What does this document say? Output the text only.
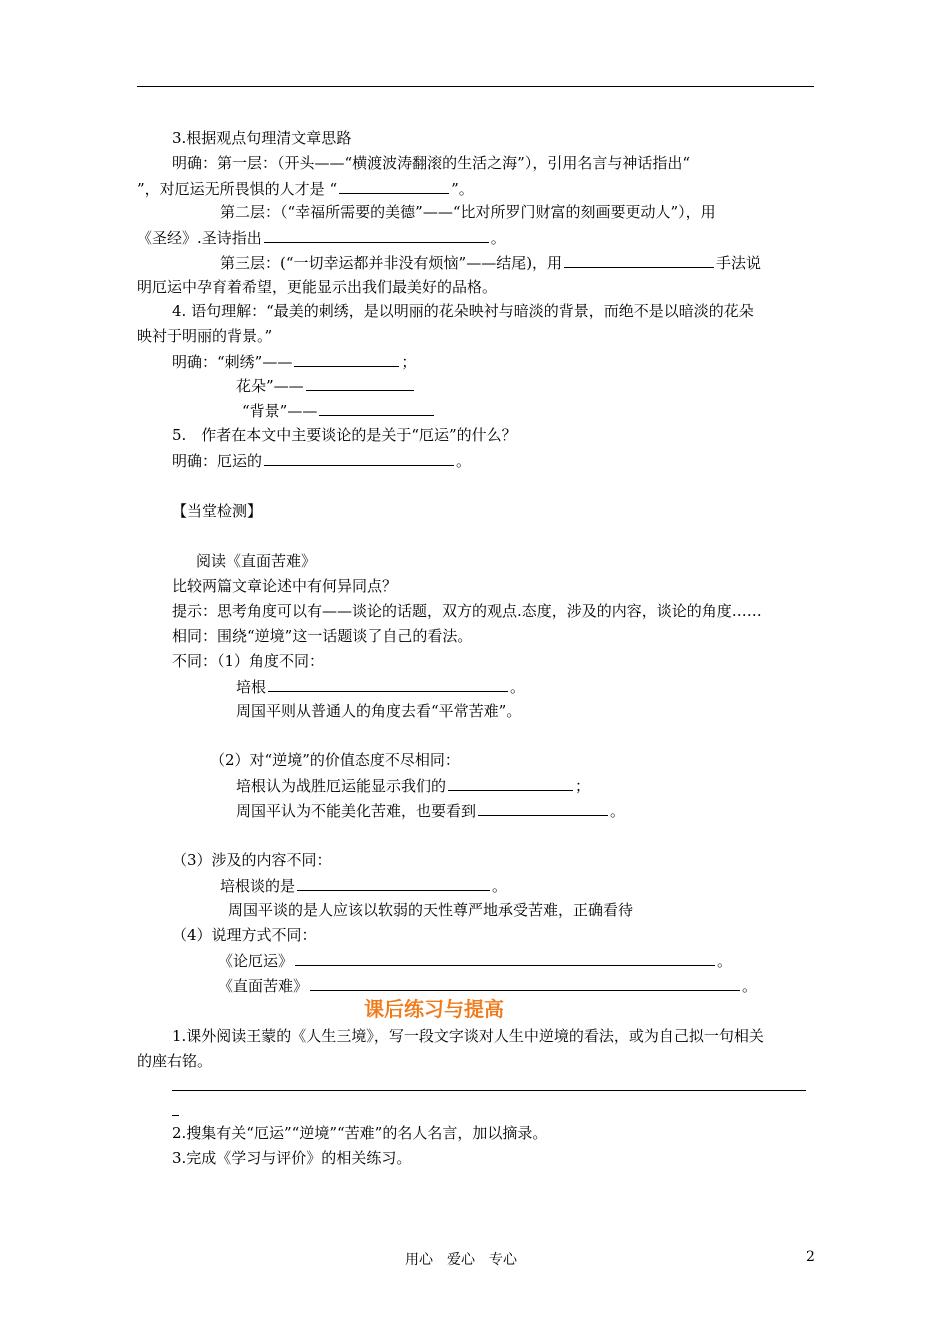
3.根据观点句理清文章思路
明确：第一层：（开头——“横渡波涛翻滚的生活之海”），引用名言与神话指出“
”，对厄运无所畏惧的人才是 “	”。
第二层：（“幸福所需要的美德”——“比对所罗门财富的刻画要更动人”），用
《圣经》.圣诗指出	。
第三层：(“一切幸运都并非没有烦恼”——结尾)，用	手法说
明厄运中孕育着希望，更能显示出我们最美好的品格。
4. 语句理解：“最美的刺绣，是以明丽的花朵映衬与暗淡的背景，而绝不是以暗淡的花朵
映衬于明丽的背景。”
明确：“刺绣”——	；
花朵”——
“背景”——
5.　作者在本文中主要谈论的是关于“厄运”的什么？
明确：厄运的	。
【当堂检测】
阅读《直面苦难》
比较两篇文章论述中有何异同点？
提示：思考角度可以有——谈论的话题，双方的观点.态度，涉及的内容，谈论的角度……
相同：围绕“逆境”这一话题谈了自己的看法。
不同：（1）角度不同：
培根	。
周国平则从普通人的角度去看“平常苦难”。
（2）对“逆境”的价值态度不尽相同：
培根认为战胜厄运能显示我们的	；
周国平认为不能美化苦难，也要看到	。
（3）涉及的内容不同：
培根谈的是	。
周国平谈的是人应该以软弱的天性尊严地承受苦难，正确看待
（4）说理方式不同：
《论厄运》	。
《直面苦难》	。
课后练习与提高
1.课外阅读王蒙的《人生三境》，写一段文字谈对人生中逆境的看法，或为自己拟一句相关
的座右铭。
2.搜集有关“厄运”“逆境”“苦难”的名人名言，加以摘录。
3.完成《学习与评价》的相关练习。
用心　爱心　专心	2
